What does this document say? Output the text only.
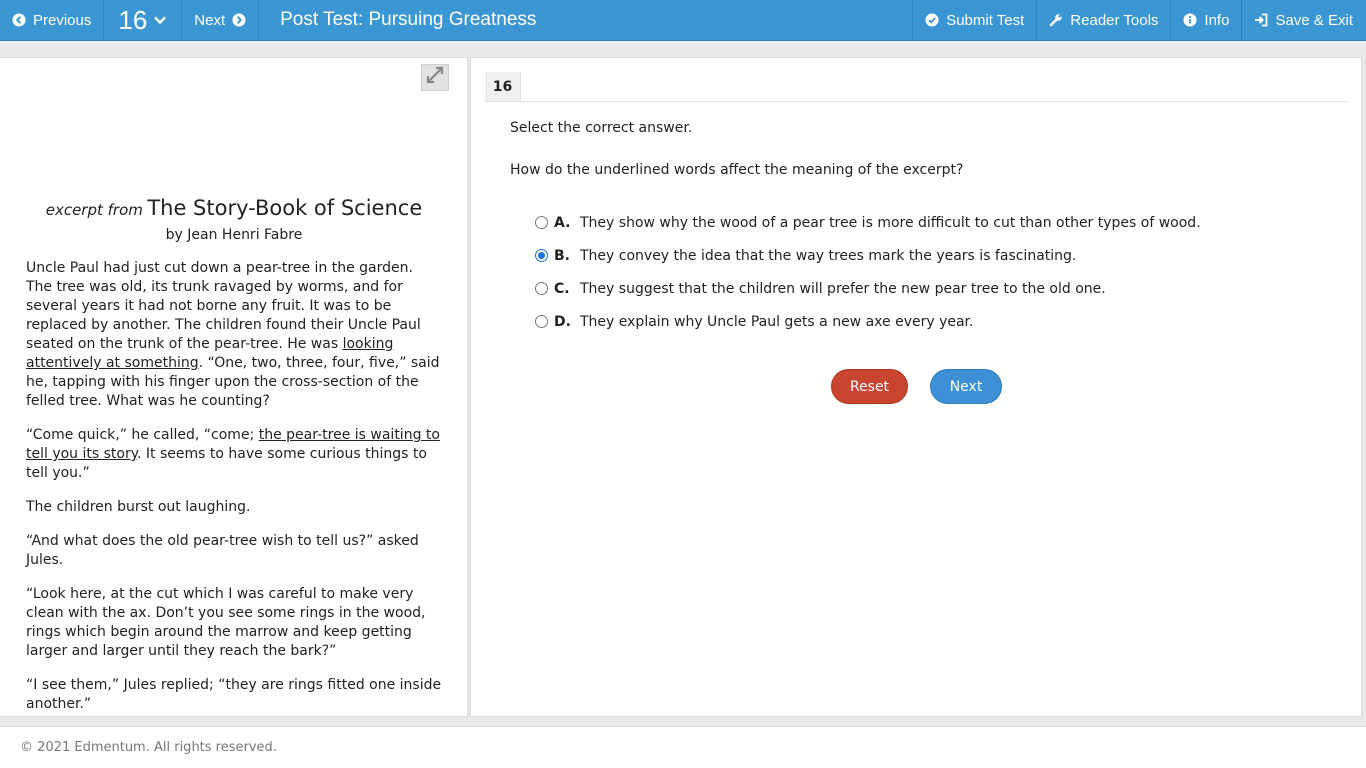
Previous 16	Next	Post Test: Pursuing Greatness	Submit Test	Reader Tools	Info	Save & Exit
excerpt from The Story-Book of Science
by Jean Henri Fabre

Uncle Paul had just cut down a pear-tree in the garden. The tree was old, its trunk ravaged by worms, and for several years it had not borne any fruit. It was to be replaced by another. The children found their Uncle Paul seated on the trunk of the pear-tree. He was looking attentively at something. “One, two, three, four, five,” said he, tapping with his finger upon the cross-section of the felled tree. What was he counting?

“Come quick,” he called, “come; the pear-tree is waiting to tell you its story. It seems to have some curious things to tell you.”

The children burst out laughing.

“And what does the old pear-tree wish to tell us?” asked Jules.

“Look here, at the cut which I was careful to make very clean with the ax. Don’t you see some rings in the wood, rings which begin around the marrow and keep getting larger and larger until they reach the bark?”

“I see them,” Jules replied; “they are rings fitted one inside another.”

16
Select the correct answer.
How do the underlined words affect the meaning of the excerpt?
A. They show why the wood of a pear tree is more difficult to cut than other types of wood.
B. They convey the idea that the way trees mark the years is fascinating.
C. They suggest that the children will prefer the new pear tree to the old one.
D. They explain why Uncle Paul gets a new axe every year.
Reset	Next
© 2021 Edmentum. All rights reserved.
